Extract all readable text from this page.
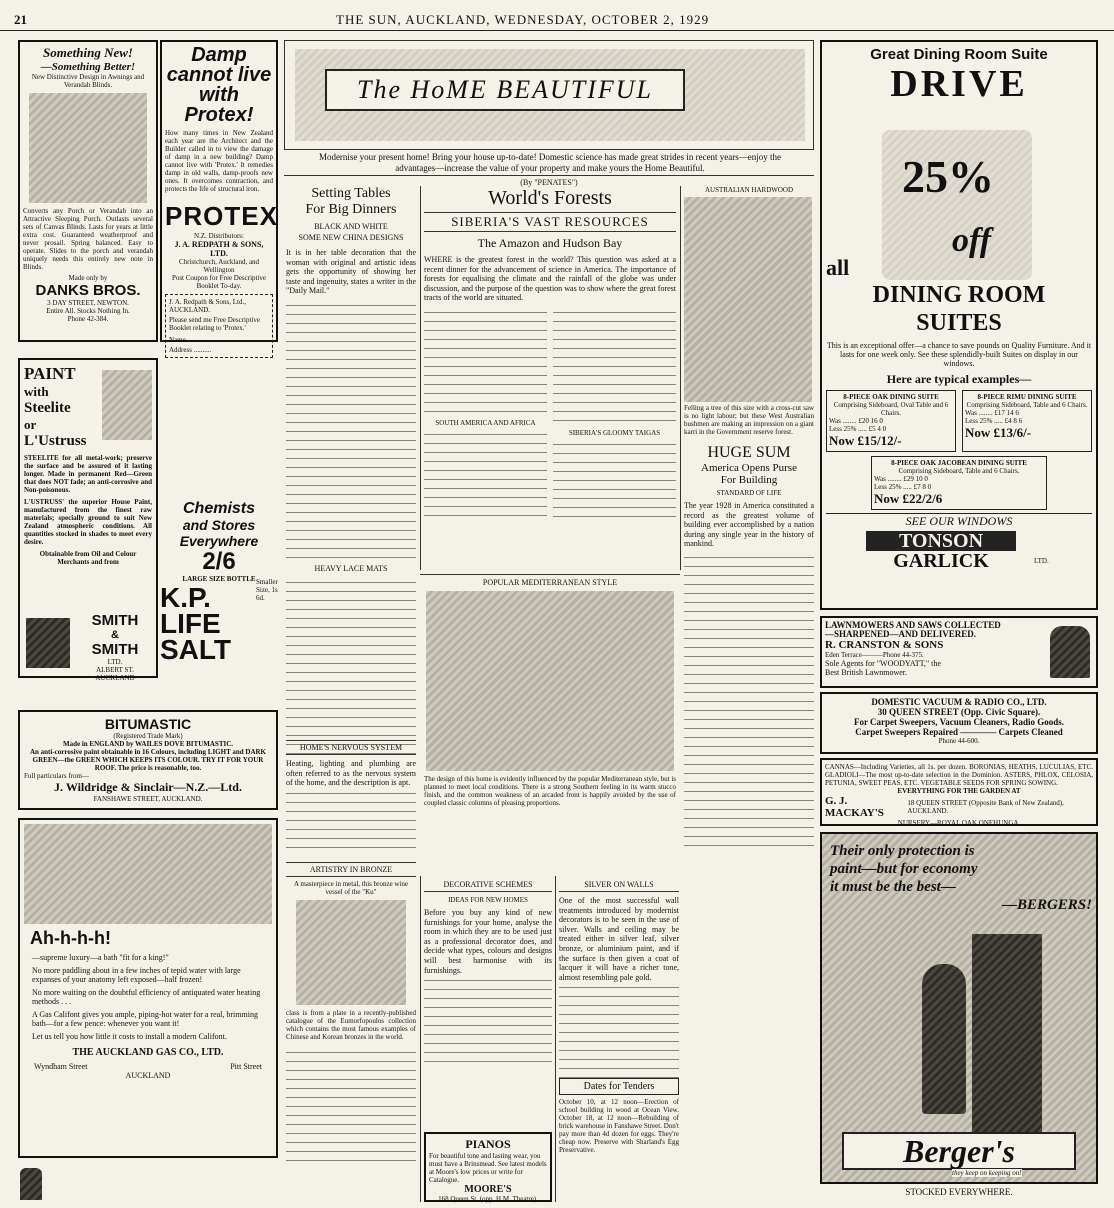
21	THE SUN, AUCKLAND, WEDNESDAY, OCTOBER 2, 1929
Something New!
—Something Better!
New Distinctive Design in Awnings and Verandah Blinds.
Converts any Porch or Verandah into an Attractive Sleeping Porch. Outlasts several sets of Canvas Blinds. Lasts for years at little extra cost. Guaranteed weatherproof and never prosail. Spring balanced. Easy to operate. Slides to the porch and verandah uniquely needs this entirely new note in Blinds.
Made only by
DANKS BROS.
3 DAY STREET, NEWTON.
Entire All. Stocks Nothing In.
Phone 42-384.
Damp cannot live with Protex!
How many times in New Zealand each year are the Architect and the Builder called in to view the damage of damp in a new building? Damp cannot live with 'Protex.' It remedies damp in old walls, damp-proofs new ones. It overcomes contraction, and protects the life of structural iron.
PROTEX
N.Z. Distributors:
J. A. REDPATH & SONS, LTD.
Christchurch, Auckland, and Wellington
Post Coupon for Free Descriptive Booklet To-day.
J. A. Redpath & Sons, Ltd.,
AUCKLAND.
Please send me Free Descriptive Booklet relating to 'Protex.'
Name ............
Address ..........
PAINT
with
Steelite
or
L'Ustruss
STEELITE for all metal-work; preserve the surface and be assured of it lasting longer. Made in permanent Red—Green that does NOT fade; an anti-corrosive and Non-poisonous.
L'USTRUSS' the superior House Paint, manufactured from the finest raw materials; specially ground to suit New Zealand atmospheric conditions. All quantities stocked in shades to meet every desire.
Obtainable from Oil and Colour Merchants and from
SMITH
&
SMITH
LTD.
ALBERT ST.
AUCKLAND
Chemists
and Stores
Everywhere
2/6
LARGE SIZE BOTTLE Smaller Size, 1s 6d.
K.P.
LIFE
SALT
BITUMASTIC
(Registered Trade Mark)
Made in ENGLAND by WAILES DOVE BITUMASTIC.
An anti-corrosive paint obtainable in 16 Colours, including LIGHT and DARK GREEN—the GREEN WHICH KEEPS ITS COLOUR. TRY IT FOR YOUR ROOF. The price is reasonable, too.
Full particulars from—
J. Wildridge & Sinclair—N.Z.—Ltd.
FANSHAWE STREET, AUCKLAND.
Ah-h-h-h!
—supreme luxury—a bath "fit for a king!"
No more paddling about in a few inches of tepid water with large expanses of your anatomy left exposed—half frozen!
No more waiting on the doubtful efficiency of antiquated water heating methods . . .
A Gas Califont gives you ample, piping-hot water for a real, brimming bath—for a few pence: whenever you want it!
Let us tell you how little it costs to install a modern Califont.
THE AUCKLAND GAS CO., LTD.
Wyndham Street	Pitt Street
AUCKLAND
The HoME BEAUTIFUL
Modernise your present home! Bring your house up-to-date! Domestic science has made great strides in recent years—enjoy the advantages—increase the value of your property and make yours the Home Beautiful.
(By "PENATES")
Setting Tables
For Big Dinners
BLACK AND WHITE
SOME NEW CHINA DESIGNS
It is in her table decoration that the woman with original and artistic ideas gets the opportunity of showing her taste and ingenuity, states a writer in the "Daily Mail."
HEAVY LACE MATS
HOME'S NERVOUS SYSTEM
Heating, lighting and plumbing are often referred to as the nervous system of the home, and the description is apt.
ARTISTRY IN BRONZE
A masterpiece in metal, this bronze wine vessel of the "Ku"
class is from a plate in a recently-published catalogue of the Eumorfopoulos collection which contains the most famous examples of Chinese and Korean bronzes in the world.
World's Forests
SIBERIA'S VAST RESOURCES
The Amazon and Hudson Bay
WHERE is the greatest forest in the world? This question was asked at a recent dinner for the advancement of science in America. The importance of forests for equalising the climate and the rainfall of the globe was under discussion, and the purpose of the question was to show where the great forest tracts of the world are situated.
SOUTH AMERICA AND AFRICA
SIBERIA'S GLOOMY TAIGAS
AUSTRALIAN HARDWOOD
Felling a tree of this size with a cross-cut saw is no light labour; but these West Australian bushmen are making an impression on a giant karri in the Government reserve forest.
HUGE SUM
America Opens Purse
For Building
STANDARD OF LIFE
The year 1928 in America constituted a record as the greatest volume of building ever accomplished by a nation during any single year in the history of mankind.
POPULAR MEDITERRANEAN STYLE
The design of this home is evidently influenced by the popular Mediterranean style, but is planned to meet local conditions. There is a strong Southern feeling in its warm stucco finish, and the common weakness of an arcaded front is happily avoided by the use of coupled classic columns of pleasing proportions.
DECORATIVE SCHEMES
IDEAS FOR NEW HOMES
Before you buy any kind of new furnishings for your home, analyse the room in which they are to be used just as a professional decorator does, and decide what types, colours and designs will best harmonise with its furnishings.
PIANOS
For beautiful tone and lasting wear, you must have a Brinsmead. See latest models at Moore's low prices or write for Catalogue.
MOORE'S
168 Queen St. (opp. H.M. Theatre).
SILVER ON WALLS
One of the most successful wall treatments introduced by modernist decorators is to be seen in the use of silver. Walls and ceiling may be treated either in silver leaf, silver bronze, or aluminium paint, and if the surface is then given a coat of lacquer it will have a richer tone, almost resembling pale gold.
Dates for Tenders
October 10, at 12 noon—Erection of school building in wood at Ocean View. October 18, at 12 noon—Rebuilding of brick warehouse in Fanshawe Street. Don't pay more than 4d dozen for eggs. They're cheap now. Preserve with Sharland's Egg Preservative.
Great Dining Room Suite
DRIVE
25%
off
all
DINING ROOM
SUITES
This is an exceptional offer—a chance to save pounds on Quality Furniture. And it lasts for one week only. See these splendidly-built Suites on display in our windows.
Here are typical examples—
8-PIECE OAK DINING SUITE
Comprising Sideboard, Oval Table and 6 Chairs.
Was ........ £20 16 0
Less 25% ..... £5 4 0
Now £15/12/-
8-PIECE RIMU DINING SUITE
Comprising Sideboard, Table and 6 Chairs.
Was ........ £17 14 6
Less 25% ..... £4 8 6
Now £13/6/-
8-PIECE OAK JACOBEAN DINING SUITE
Comprising Sideboard, Table and 6 Chairs.
Was ........ £29 10 0
Less 25% ..... £7 8 0
Now £22/2/6
SEE OUR WINDOWS
TONSON
GARLICK	LTD.
LAWNMOWERS AND SAWS COLLECTED
—SHARPENED—AND DELIVERED.
R. CRANSTON & SONS
Eden Terrace———Phone 44-375.
Sole Agents for "WOODYATT," the
Best British Lawnmower.
DOMESTIC VACUUM & RADIO CO., LTD.
30 QUEEN STREET (Opp. Civic Square).
For Carpet Sweepers, Vacuum Cleaners, Radio Goods.
Carpet Sweepers Repaired ———— Carpets Cleaned
Phone 44-600.
CANNAS—Including Varieties, all 1s. per dozen. BORONIAS, HEATHS, LUCULIAS, ETC. GLADIOLI—The most up-to-date selection in the Dominion. ASTERS, PHLOX, CELOSIA, PETUNIA, SWEET PEAS, ETC. VEGETABLE SEEDS FOR SPRING SOWING.
EVERYTHING FOR THE GARDEN AT
G. J. MACKAY'S
18 QUEEN STREET (Opposite Bank of New Zealand), AUCKLAND.
NURSERY—ROYAL OAK ONEHUNGA.
Their only protection is
paint—but for economy
it must be the best—
—BERGERS!
Berger's
they keep on keeping on!
STOCKED EVERYWHERE.
